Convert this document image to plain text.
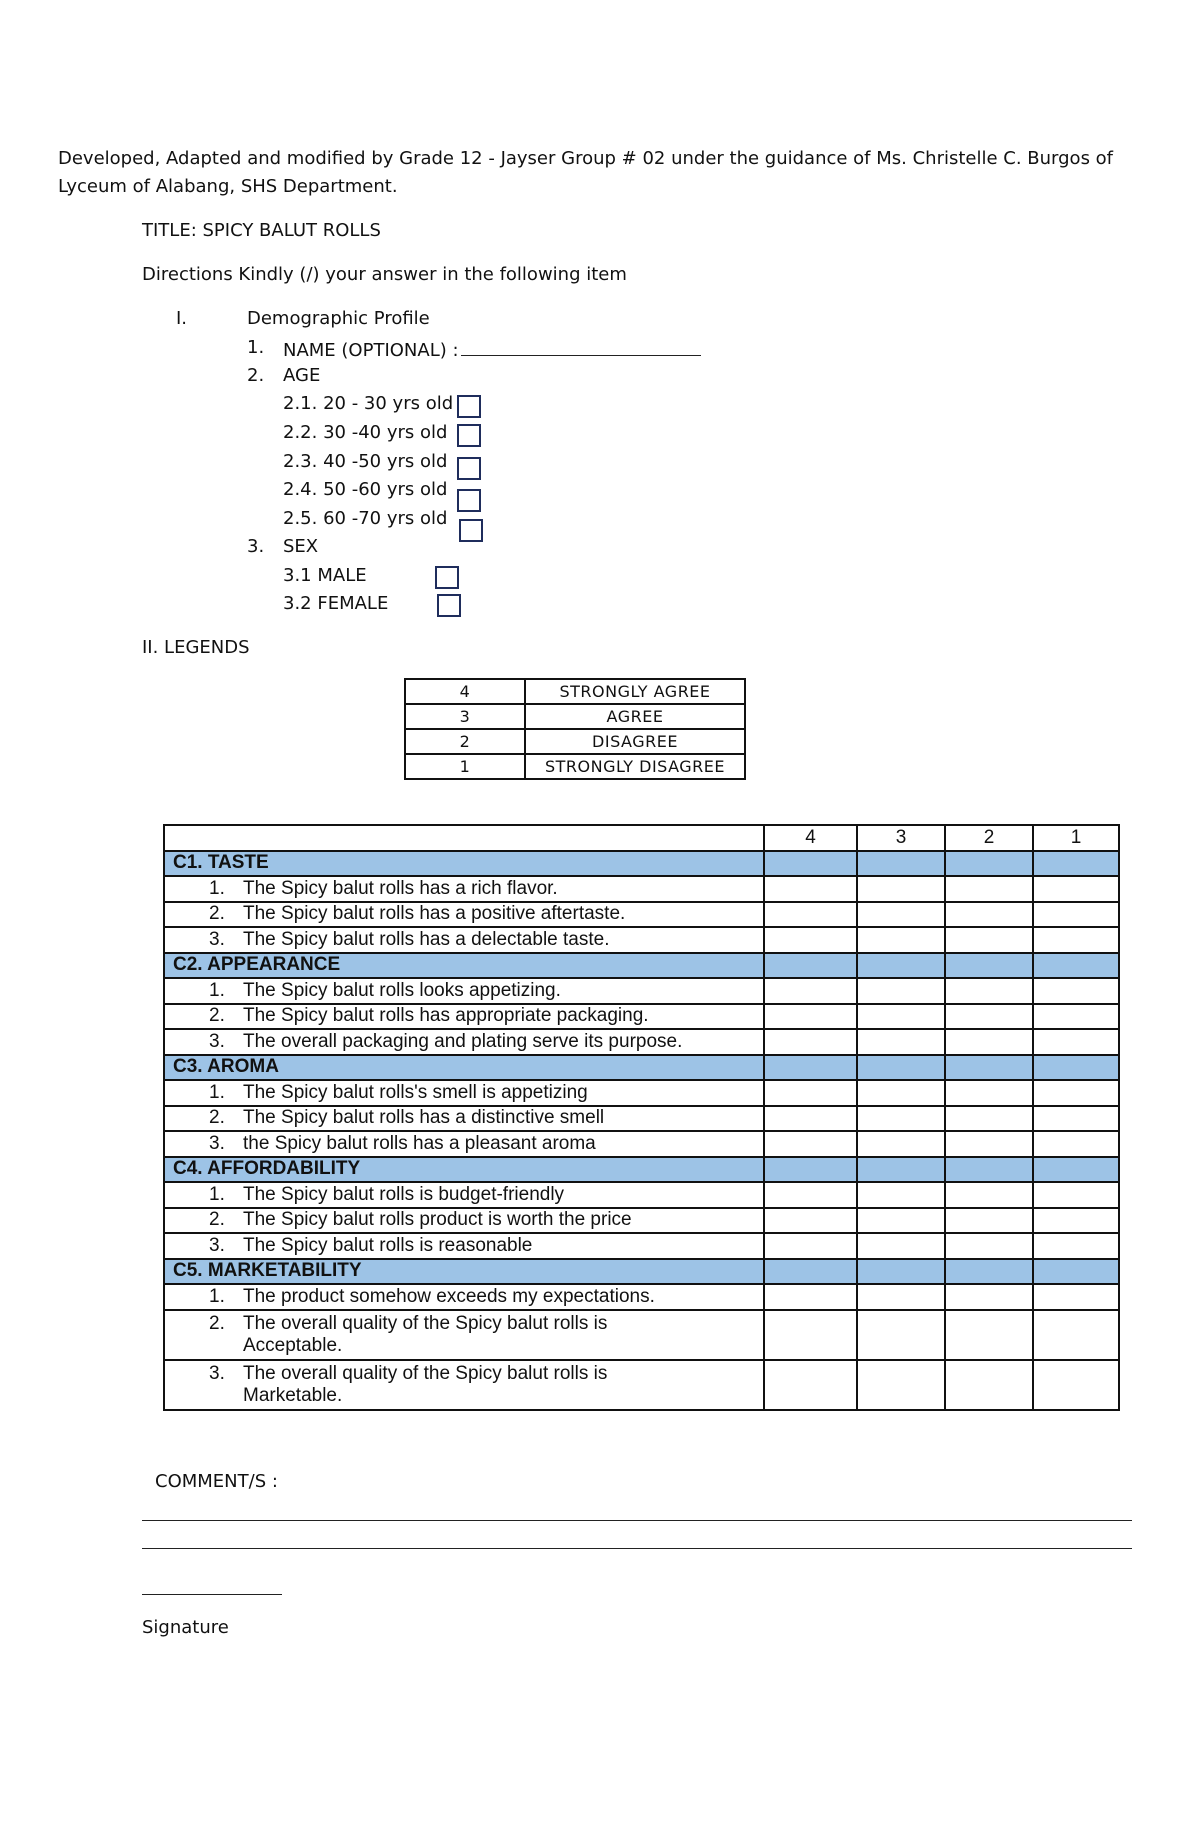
Developed, Adapted and modified by Grade 12 - Jayser Group # 02 under the guidance of Ms. Christelle C. Burgos of Lyceum of Alabang, SHS Department.
TITLE: SPICY BALUT ROLLS
Directions Kindly (/) your answer in the following item
I.	Demographic Profile
1. NAME (OPTIONAL) :
2. AGE
2.1. 20 - 30 yrs old
2.2. 30 -40 yrs old
2.3. 40 -50 yrs old
2.4. 50 -60 yrs old
2.5. 60 -70 yrs old
3. SEX
3.1 MALE
3.2 FEMALE
II. LEGENDS
4	STRONGLY AGREE
3	AGREE
2	DISAGREE
1	STRONGLY DISAGREE
	4	3	2	1
C1. TASTE				
1. The Spicy balut rolls has a rich flavor.				
2. The Spicy balut rolls has a positive aftertaste.				
3.The Spicy balut rolls has a delectable taste.				
C2. APPEARANCE				
1.The Spicy balut rolls looks appetizing.				
2. The Spicy balut rolls has appropriate packaging.				
3. The overall packaging and plating serve its purpose.				
C3. AROMA				
1. The Spicy balut rolls's smell is appetizing				
2. The Spicy balut rolls has a distinctive smell				
3.the Spicy balut rolls has a pleasant aroma				
C4. AFFORDABILITY				
1.The Spicy balut rolls is budget-friendly				
2.The Spicy balut rolls product is worth the price				
3. The Spicy balut rolls is reasonable				
C5. MARKETABILITY				
1. The product somehow exceeds my expectations.				
2.The overall quality of the Spicy balut rolls is Acceptable.				
3. The overall quality of the Spicy balut rolls is Marketable.				
COMMENT/S :
Signature
